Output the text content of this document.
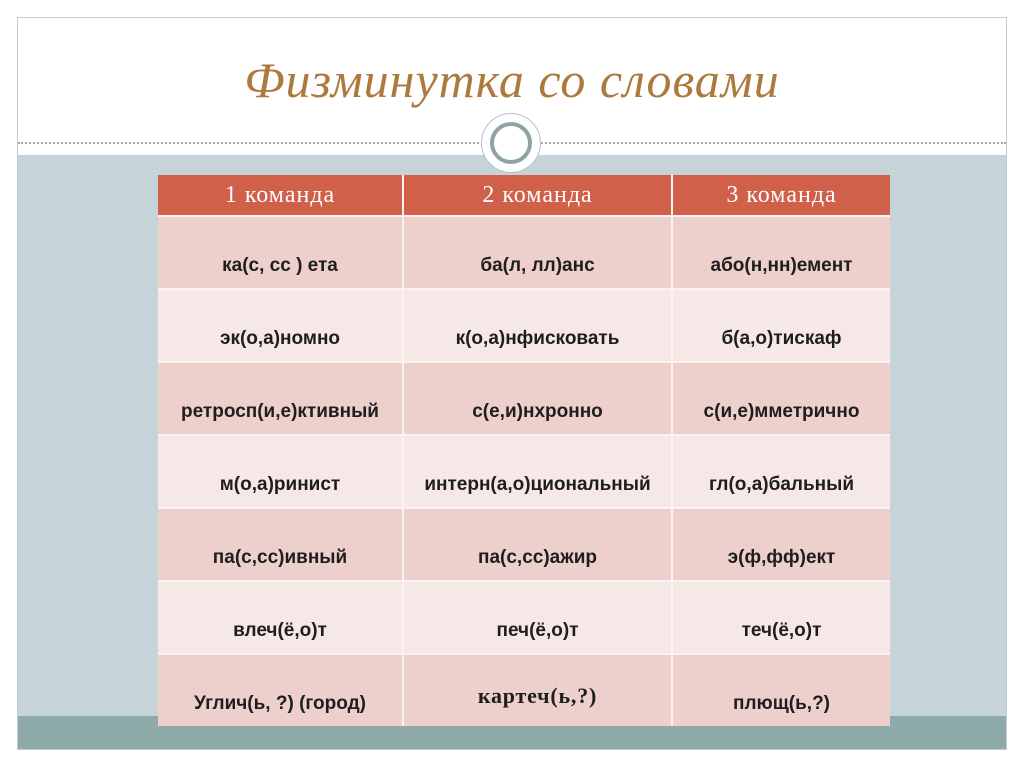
Физминутка со словами
1 команда	2 команда	3 команда
ка(с, сс ) ета	ба(л, лл)анс	або(н,нн)емент
эк(о,а)номно	к(о,а)нфисковать	б(а,о)тискаф
ретросп(и,е)ктивный	с(е,и)нхронно	с(и,е)мметрично
м(о,а)ринист	интерн(а,о)циональный	гл(о,а)бальный
па(с,сс)ивный	па(с,сс)ажир	э(ф,фф)ект
влеч(ё,о)т	печ(ё,о)т	теч(ё,о)т
Углич(ь, ?) (город)	картеч(ь,?)	плющ(ь,?)
